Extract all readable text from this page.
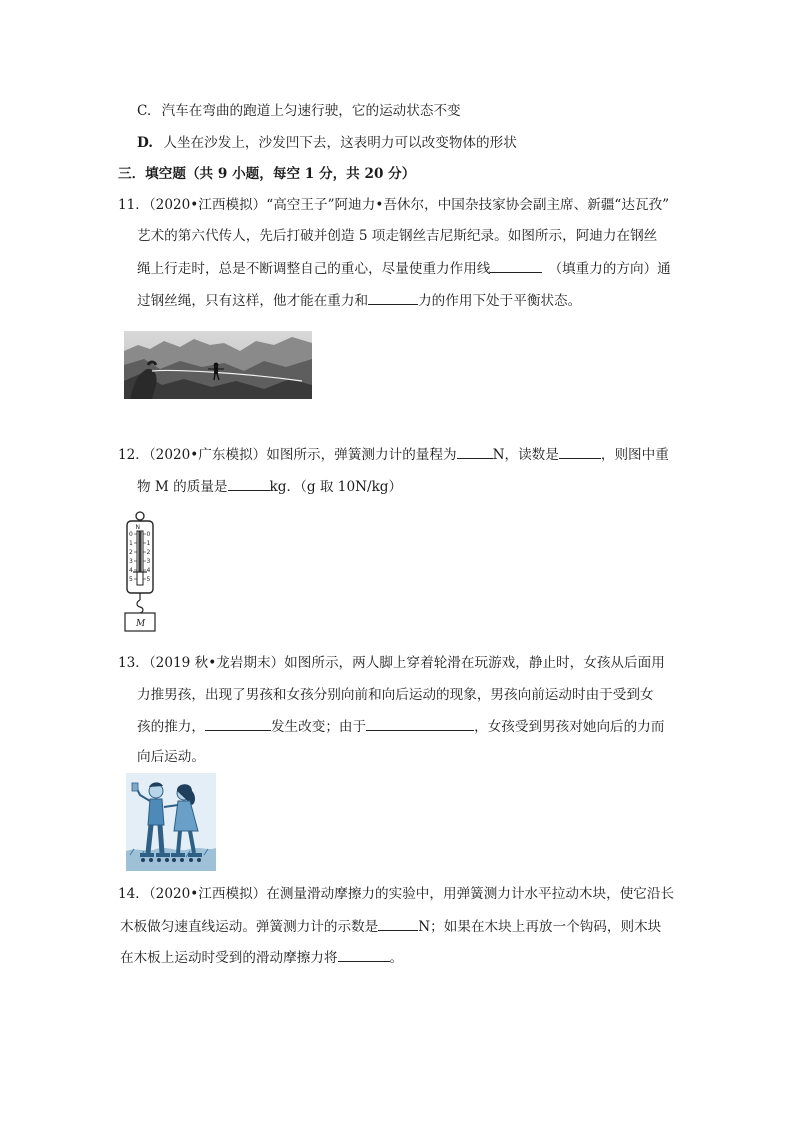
C. 汽车在弯曲的跑道上匀速行驶，它的运动状态不变
D. 人坐在沙发上，沙发凹下去，这表明力可以改变物体的形状
三．填空题（共 9 小题，每空 1 分，共 20 分）
11．（2020•江西模拟）“高空王子”阿迪力•吾休尔，中国杂技家协会副主席、新疆“达瓦孜”
艺术的第六代传人，先后打破并创造 5 项走钢丝吉尼斯纪录。如图所示，阿迪力在钢丝
绳上行走时，总是不断调整自己的重心，尽量使重力作用线	（填重力的方向）通
过钢丝绳，只有这样，他才能在重力和	力的作用下处于平衡状态。
12．（2020•广东模拟）如图所示，弹簧测力计的量程为	N，读数是	，则图中重
物 M 的质量是	kg．（g 取 10N/kg）
N
0
1
2
3
4
5
0
1
2
3
4
5
M
13．（2019 秋•龙岩期末）如图所示，两人脚上穿着轮滑在玩游戏，静止时，女孩从后面用
力推男孩，出现了男孩和女孩分别向前和向后运动的现象，男孩向前运动时由于受到女
孩的推力，	发生改变；由于	，女孩受到男孩对她向后的力而
向后运动。
14．（2020•江西模拟）在测量滑动摩擦力的实验中，用弹簧测力计水平拉动木块，使它沿长
木板做匀速直线运动。弹簧测力计的示数是	N；如果在木块上再放一个钩码，则木块
在木板上运动时受到的滑动摩擦力将	。
